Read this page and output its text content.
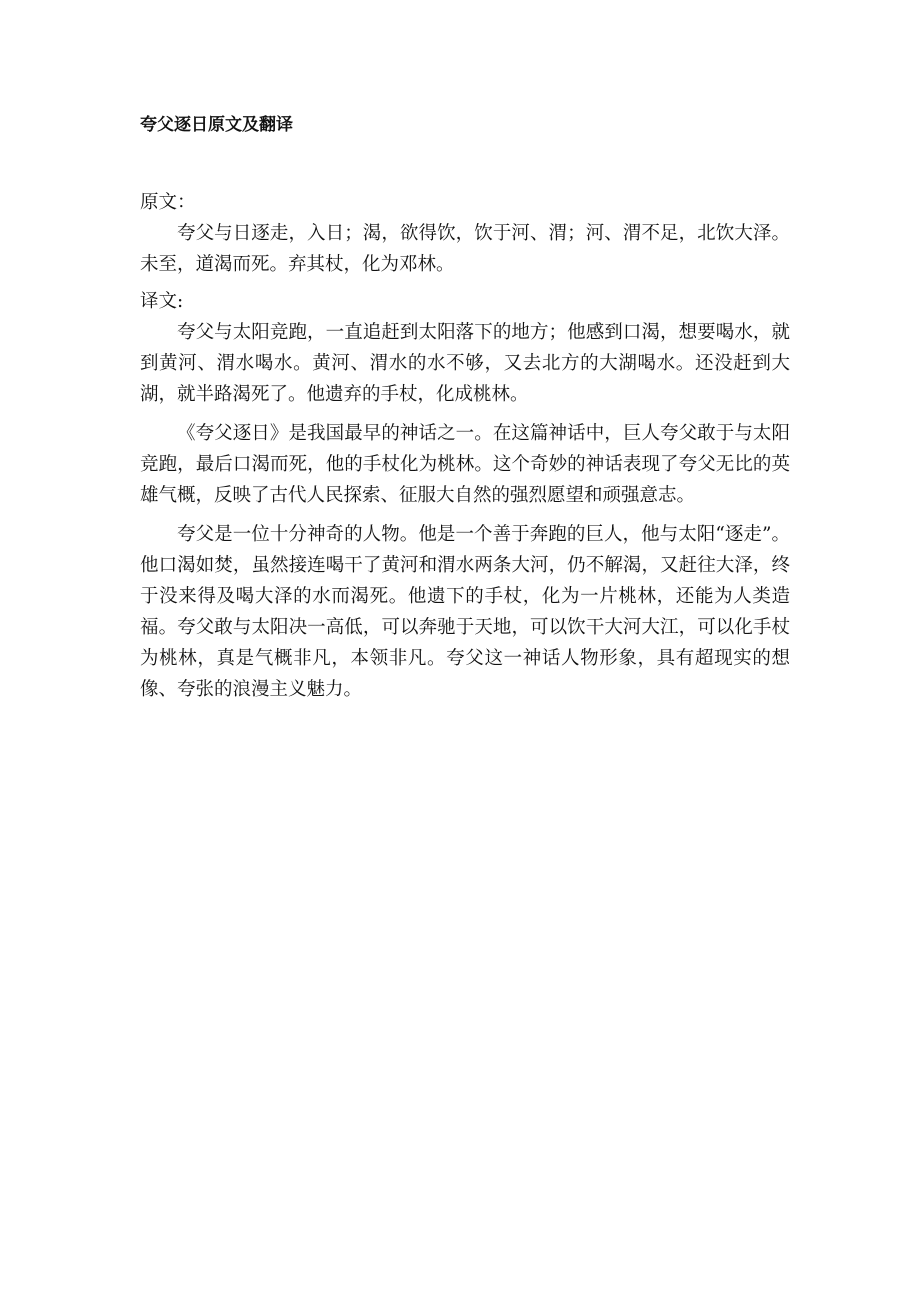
夸父逐日原文及翻译

原文：

夸父与日逐走，入日；渴，欲得饮，饮于河、渭；河、渭不足，北饮大泽。未至，道渴而死。弃其杖，化为邓林。

译文:

夸父与太阳竞跑，一直追赶到太阳落下的地方；他感到口渴，想要喝水，就到黄河、渭水喝水。黄河、渭水的水不够，又去北方的大湖喝水。还没赶到大湖，就半路渴死了。他遗弃的手杖，化成桃林。

《夸父逐日》是我国最早的神话之一。在这篇神话中，巨人夸父敢于与太阳竞跑，最后口渴而死，他的手杖化为桃林。这个奇妙的神话表现了夸父无比的英雄气概，反映了古代人民探索、征服大自然的强烈愿望和顽强意志。

夸父是一位十分神奇的人物。他是一个善于奔跑的巨人，他与太阳“逐走”。他口渴如焚，虽然接连喝干了黄河和渭水两条大河，仍不解渴，又赶往大泽，终于没来得及喝大泽的水而渴死。他遗下的手杖，化为一片桃林，还能为人类造福。夸父敢与太阳决一高低，可以奔驰于天地，可以饮干大河大江，可以化手杖为桃林，真是气概非凡，本领非凡。夸父这一神话人物形象，具有超现实的想像、夸张的浪漫主义魅力。
